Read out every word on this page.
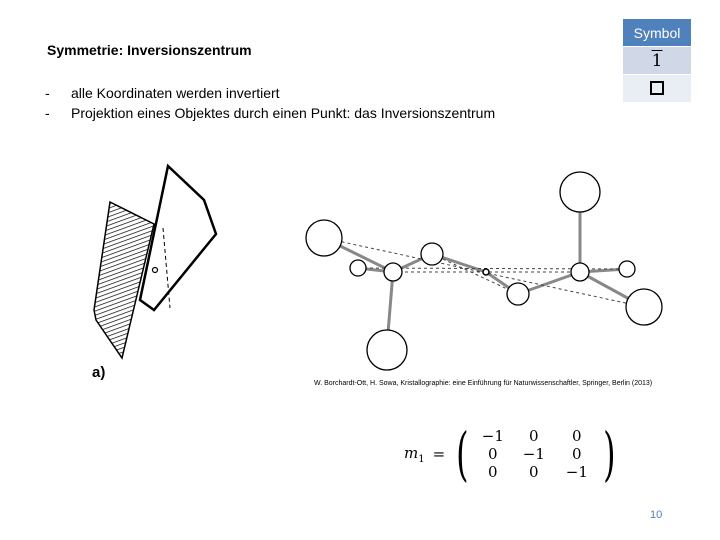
Symmetrie: Inversionszentrum
- alle Koordinaten werden invertiert
- Projektion eines Objektes durch einen Punkt: das Inversionszentrum
Symbol
1

a)
W. Borchardt-Ott, H. Sowa, Kristallographie: eine Einführung für Naturwissenschaftler, Springer, Berlin (2013)
$m_1$ = ( −1	0	0
0	−1	0
0	0	−1 )
10
